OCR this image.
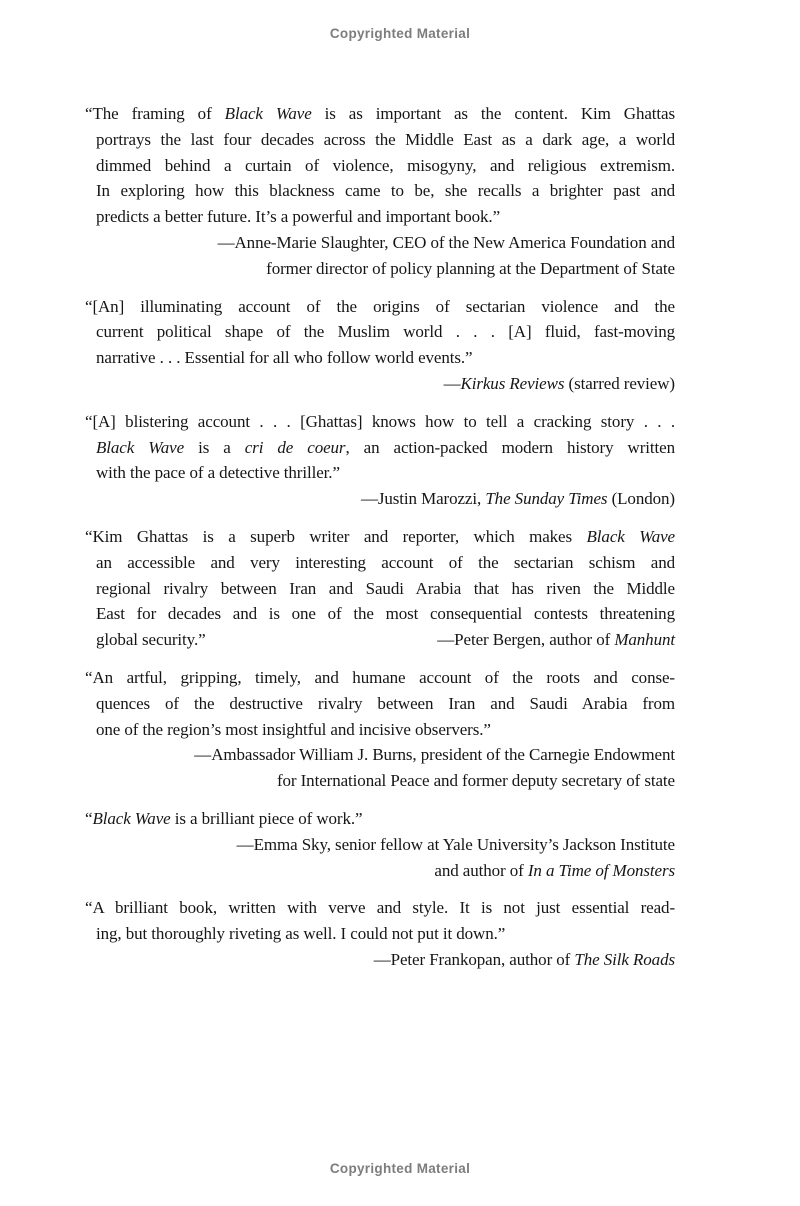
Copyrighted Material
“The framing of Black Wave is as important as the content. Kim Ghattas
portrays the last four decades across the Middle East as a dark age, a world
dimmed behind a curtain of violence, misogyny, and religious extremism.
In exploring how this blackness came to be, she recalls a brighter past and
predicts a better future. It’s a powerful and important book.”
—Anne-Marie Slaughter, CEO of the New America Foundation and
former director of policy planning at the Department of State
“[An] illuminating account of the origins of sectarian violence and the
current political shape of the Muslim world . . . [A] fluid, fast-moving
narrative . . . Essential for all who follow world events.”
—Kirkus Reviews (starred review)
“[A] blistering account . . . [Ghattas] knows how to tell a cracking story . . .
Black Wave is a cri de coeur, an action-packed modern history written
with the pace of a detective thriller.”
—Justin Marozzi, The Sunday Times (London)
“Kim Ghattas is a superb writer and reporter, which makes Black Wave
an accessible and very interesting account of the sectarian schism and
regional rivalry between Iran and Saudi Arabia that has riven the Middle
East for decades and is one of the most consequential contests threatening
global security.”	—Peter Bergen, author of Manhunt
“An artful, gripping, timely, and humane account of the roots and conse-
quences of the destructive rivalry between Iran and Saudi Arabia from
one of the region’s most insightful and incisive observers.”
—Ambassador William J. Burns, president of the Carnegie Endowment
for International Peace and former deputy secretary of state
“Black Wave is a brilliant piece of work.”
—Emma Sky, senior fellow at Yale University’s Jackson Institute
and author of In a Time of Monsters
“A brilliant book, written with verve and style. It is not just essential read-
ing, but thoroughly riveting as well. I could not put it down.”
—Peter Frankopan, author of The Silk Roads
Copyrighted Material
